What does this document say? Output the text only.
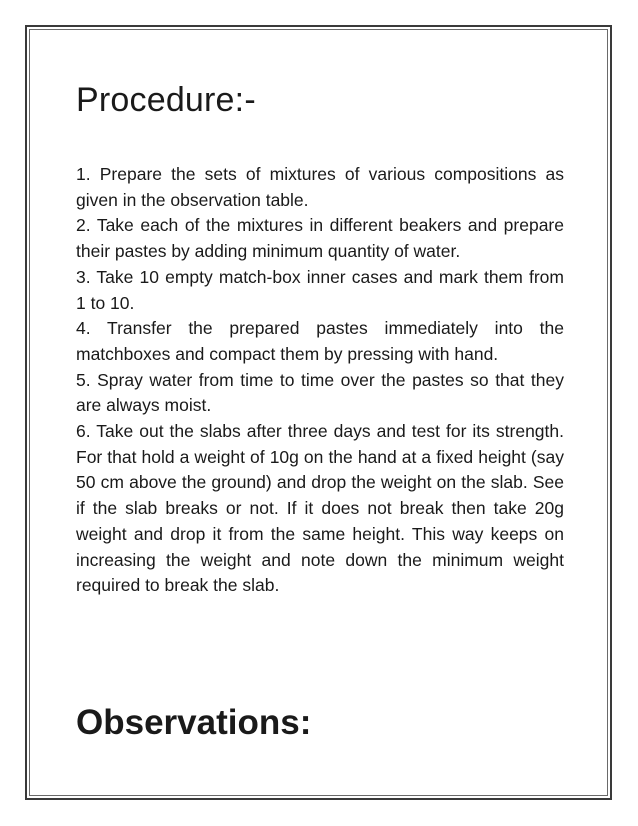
Procedure:-

1. Prepare the sets of mixtures of various compositions as given in the observation table.

2. Take each of the mixtures in different beakers and prepare their pastes by adding minimum quantity of water.

3. Take 10 empty match-box inner cases and mark them from 1 to 10.

4. Transfer the prepared pastes immediately into the matchboxes and compact them by pressing with hand.

5. Spray water from time to time over the pastes so that they are always moist.

6. Take out the slabs after three days and test for its strength. For that hold a weight of 10g on the hand at a fixed height (say 50 cm above the ground) and drop the weight on the slab. See if the slab breaks or not. If it does not break then take 20g weight and drop it from the same height. This way keeps on increasing the weight and note down the minimum weight required to break the slab.

Observations:
